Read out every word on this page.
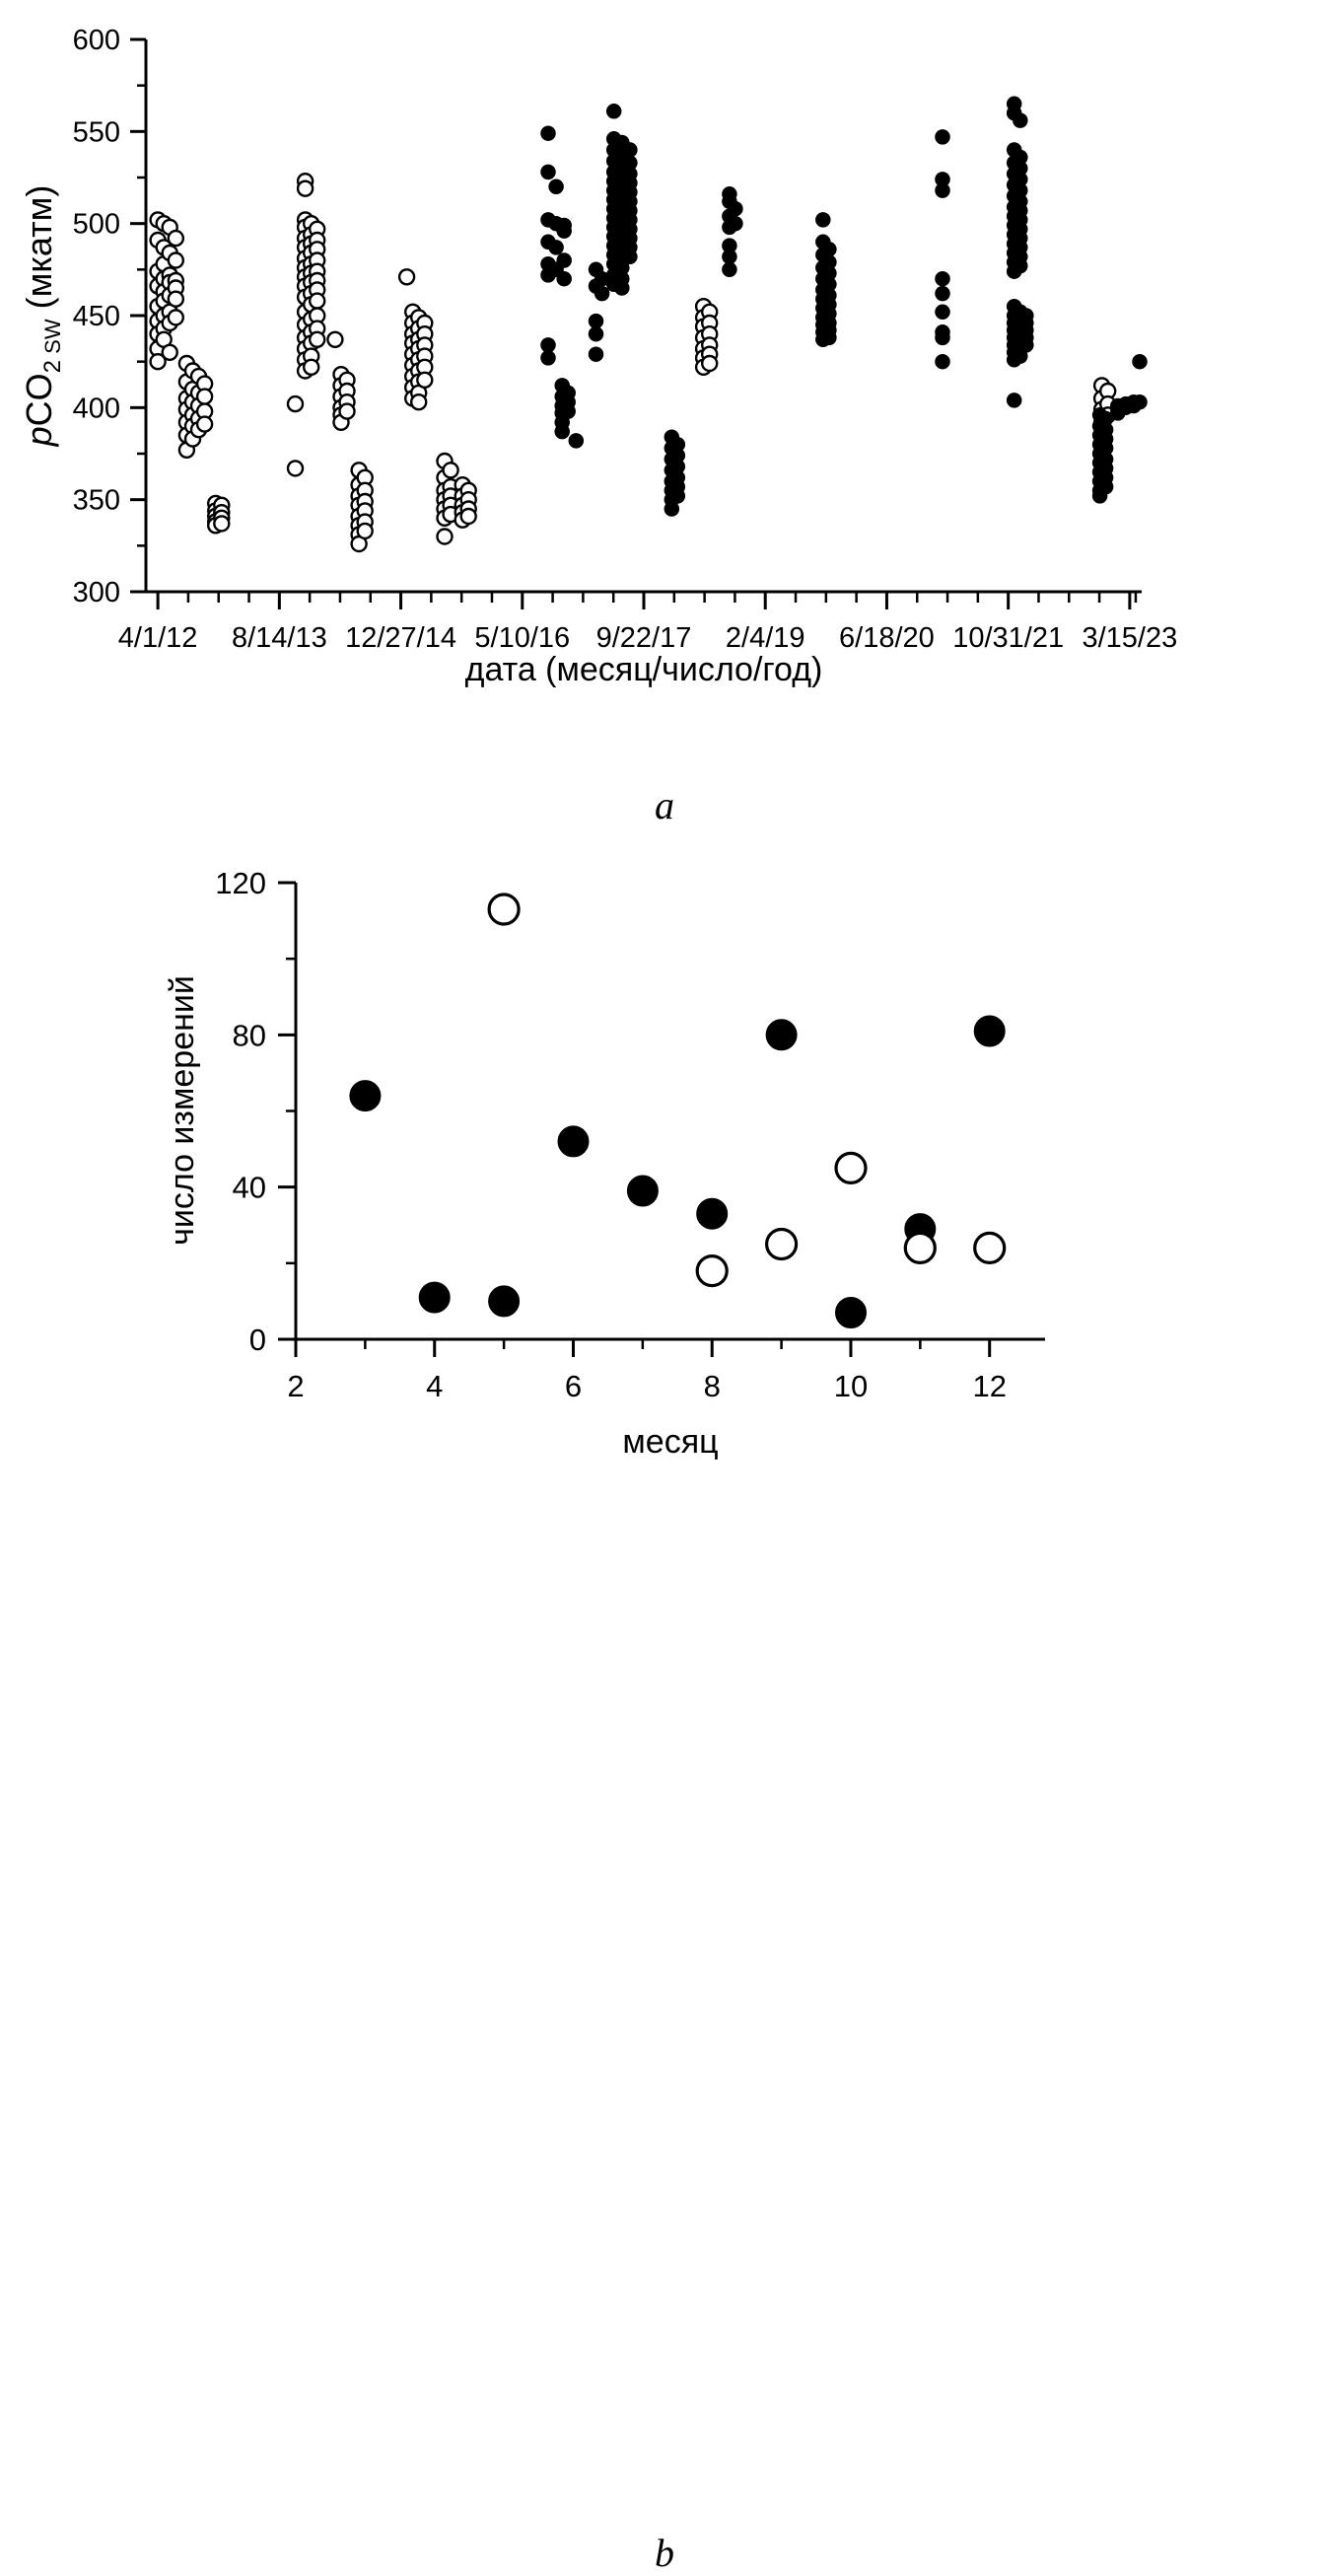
300
350
400
450
500
550
600
4/1/12 8/14/13 12/27/14 5/10/16 9/22/17 2/4/19 6/18/20 10/31/21 3/15/23
дата (месяц/число/год)
pCO$_2$ SW (мкатм)
a
0
40
80
120
2	4	6	8	10	12
месяц
число измерений
b
